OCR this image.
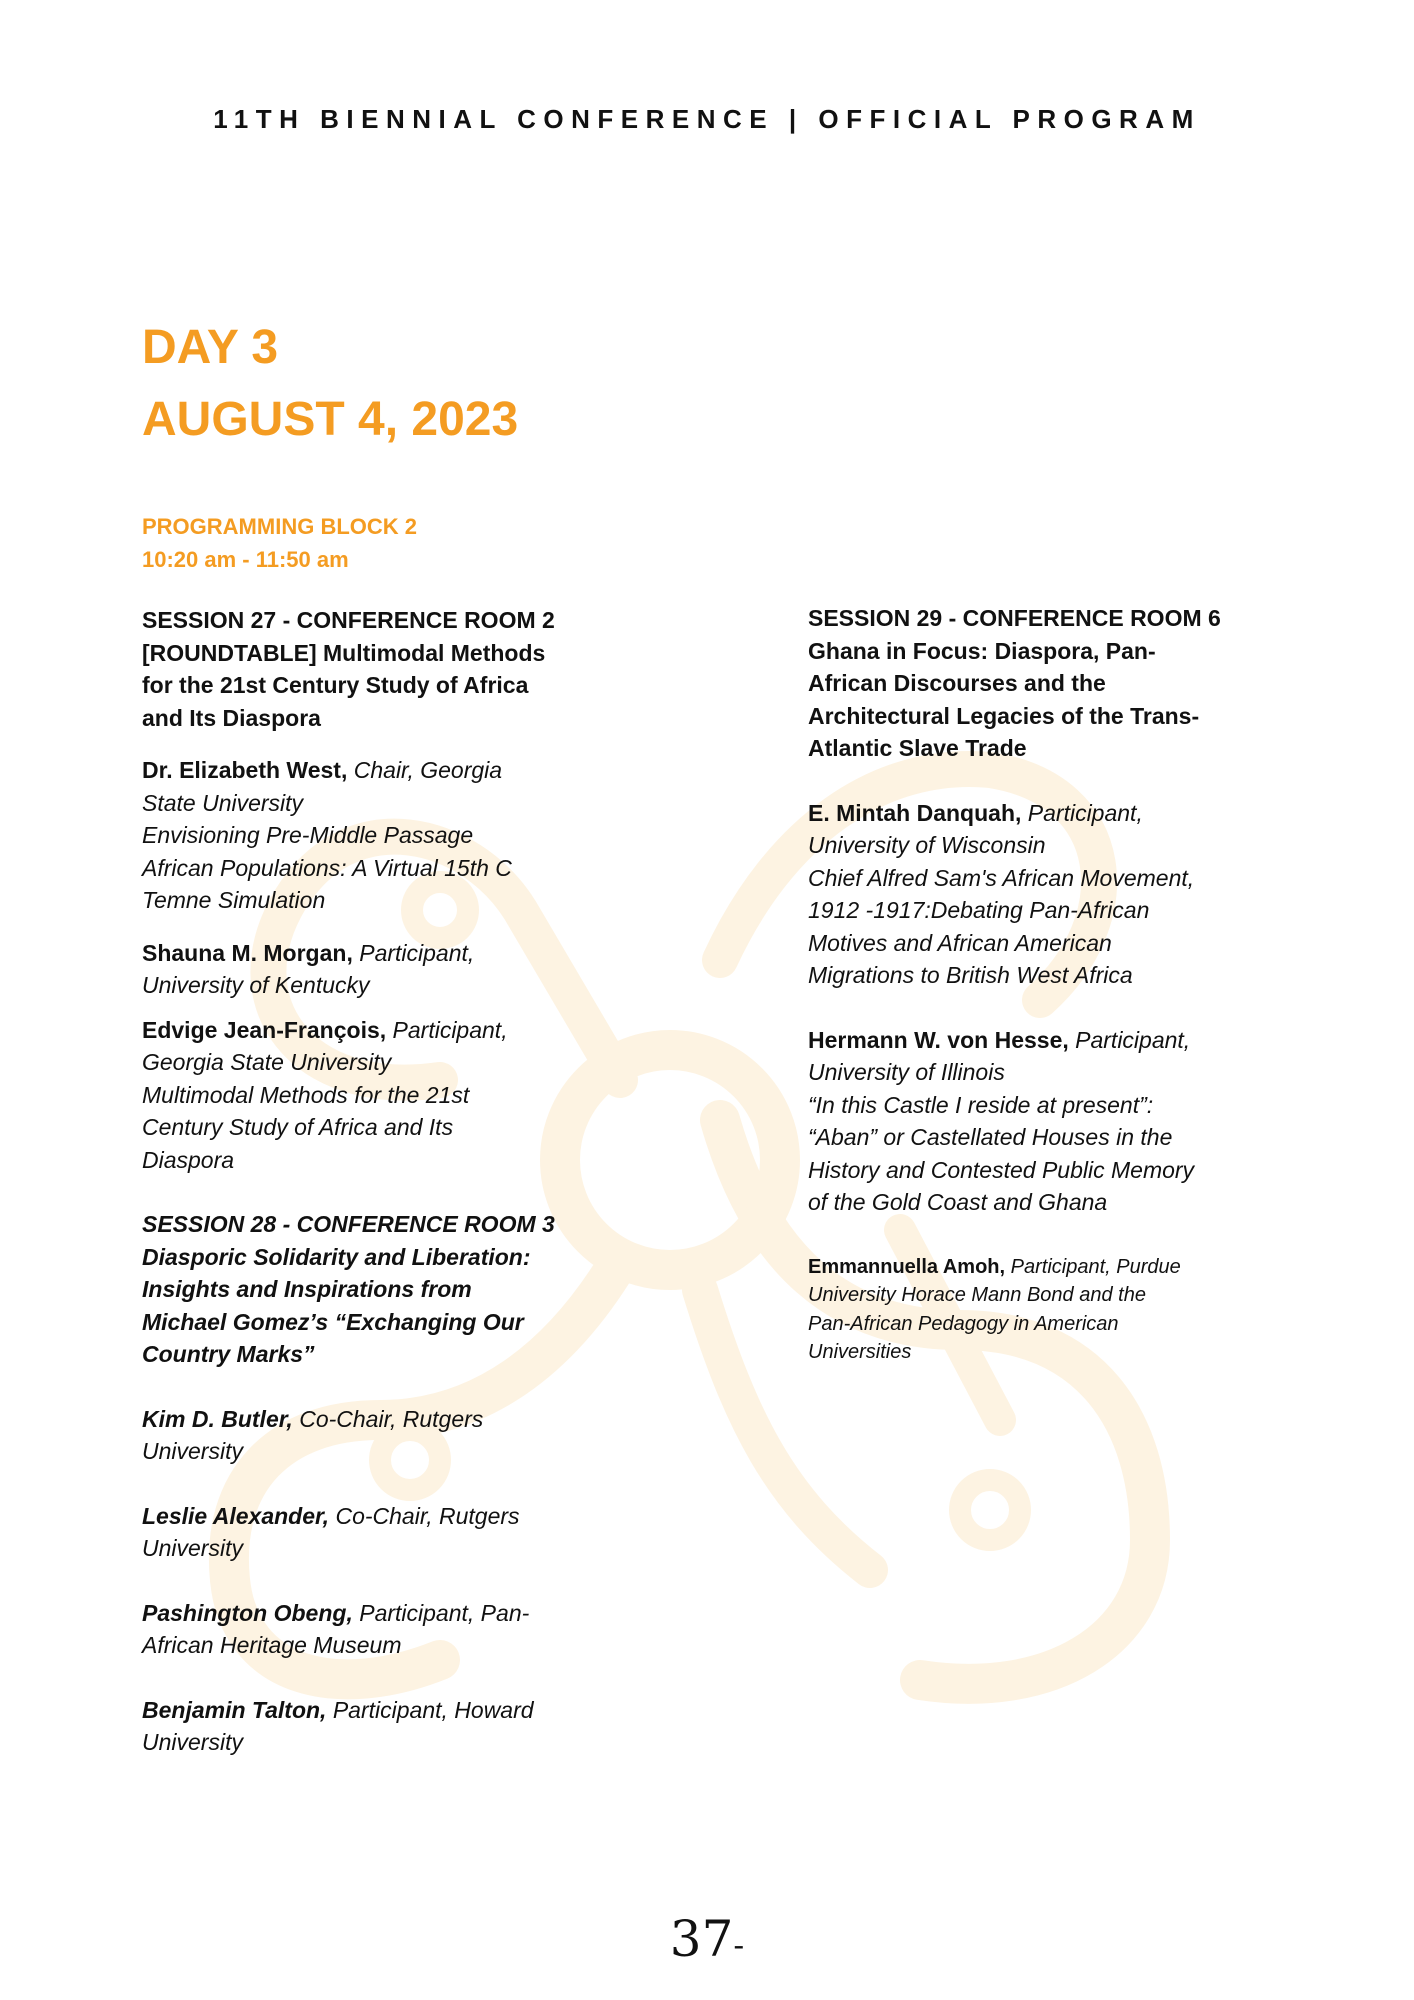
11TH BIENNIAL CONFERENCE | OFFICIAL PROGRAM
DAY 3
AUGUST 4, 2023
PROGRAMMING BLOCK 2
10:20 am - 11:50 am
SESSION 27 - CONFERENCE ROOM 2
[ROUNDTABLE] Multimodal Methods
for the 21st Century Study of Africa
and Its Diaspora
Dr. Elizabeth West, Chair, Georgia
State University
Envisioning Pre-Middle Passage
African Populations: A Virtual 15th C
Temne Simulation
Shauna M. Morgan, Participant,
University of Kentucky
Edvige Jean-François, Participant,
Georgia State University
Multimodal Methods for the 21st
Century Study of Africa and Its
Diaspora
SESSION 28 - CONFERENCE ROOM 3
Diasporic Solidarity and Liberation:
Insights and Inspirations from
Michael Gomez’s “Exchanging Our
Country Marks”
Kim D. Butler, Co-Chair, Rutgers
University
Leslie Alexander, Co-Chair, Rutgers
University
Pashington Obeng, Participant, Pan-
African Heritage Museum
Benjamin Talton, Participant, Howard
University
SESSION 29 - CONFERENCE ROOM 6
Ghana in Focus: Diaspora, Pan-
African Discourses and the
Architectural Legacies of the Trans-
Atlantic Slave Trade
E. Mintah Danquah, Participant,
University of Wisconsin
Chief Alfred Sam's African Movement,
1912 -1917:Debating Pan-African
Motives and African American
Migrations to British West Africa
Hermann W. von Hesse, Participant,
University of Illinois
“In this Castle I reside at present”:
“Aban” or Castellated Houses in the
History and Contested Public Memory
of the Gold Coast and Ghana
Emmannuella Amoh, Participant, Purdue
University Horace Mann Bond and the
Pan-African Pedagogy in American
Universities
37-
